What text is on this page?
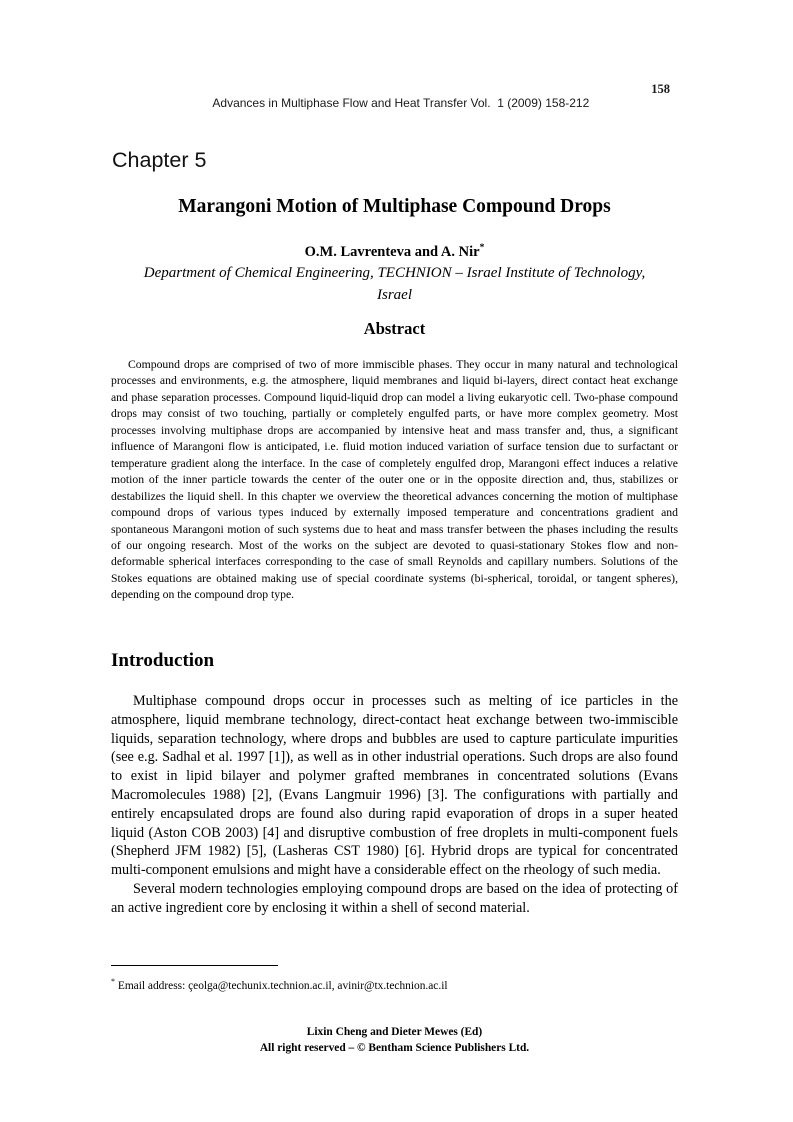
Advances in Multiphase Flow and Heat Transfer Vol.  1 (2009) 158-212

158

Chapter 5
Marangoni Motion of Multiphase Compound Drops
O.M. Lavrenteva and A. Nir*
Department of Chemical Engineering, TECHNION – Israel Institute of Technology,
Israel
Abstract

Compound drops are comprised of two of more immiscible phases. They occur in many natural and technological processes and environments, e.g. the atmosphere, liquid membranes and liquid bi-layers, direct contact heat exchange and phase separation processes. Compound liquid-liquid drop can model a living eukaryotic cell. Two-phase compound drops may consist of two touching, partially or completely engulfed parts, or have more complex geometry. Most processes involving multiphase drops are accompanied by intensive heat and mass transfer and, thus, a significant influence of Marangoni flow is anticipated, i.e. fluid motion induced variation of surface tension due to surfactant or temperature gradient along the interface. In the case of completely engulfed drop, Marangoni effect induces a relative motion of the inner particle towards the center of the outer one or in the opposite direction and, thus, stabilizes or destabilizes the liquid shell. In this chapter we overview the theoretical advances concerning the motion of multiphase compound drops of various types induced by externally imposed temperature and concentrations gradient and spontaneous Marangoni motion of such systems due to heat and mass transfer between the phases including the results of our ongoing research. Most of the works on the subject are devoted to quasi-stationary Stokes flow and non-deformable spherical interfaces corresponding to the case of small Reynolds and capillary numbers. Solutions of the Stokes equations are obtained making use of special coordinate systems (bi-spherical, toroidal, or tangent spheres), depending on the compound drop type.

Introduction

Multiphase compound drops occur in processes such as melting of ice particles in the atmosphere, liquid membrane technology, direct-contact heat exchange between two-immiscible liquids, separation technology, where drops and bubbles are used to capture particulate impurities (see e.g. Sadhal et al. 1997 [1]), as well as in other industrial operations. Such drops are also found to exist in lipid bilayer and polymer grafted membranes in concentrated solutions (Evans Macromolecules 1988) [2], (Evans Langmuir 1996) [3]. The configurations with partially and entirely encapsulated drops are found also during rapid evaporation of drops in a super heated liquid (Aston COB 2003) [4] and disruptive combustion of free droplets in multi-component fuels (Shepherd JFM 1982) [5], (Lasheras CST 1980) [6]. Hybrid drops are typical for concentrated multi-component emulsions and might have a considerable effect on the rheology of such media.

Several modern technologies employing compound drops are based on the idea of protecting of an active ingredient core by enclosing it within a shell of second material.

* Email address: çeolga@techunix.technion.ac.il, avinir@tx.technion.ac.il
Lixin Cheng and Dieter Mewes (Ed)
All right reserved – © Bentham Science Publishers Ltd.
